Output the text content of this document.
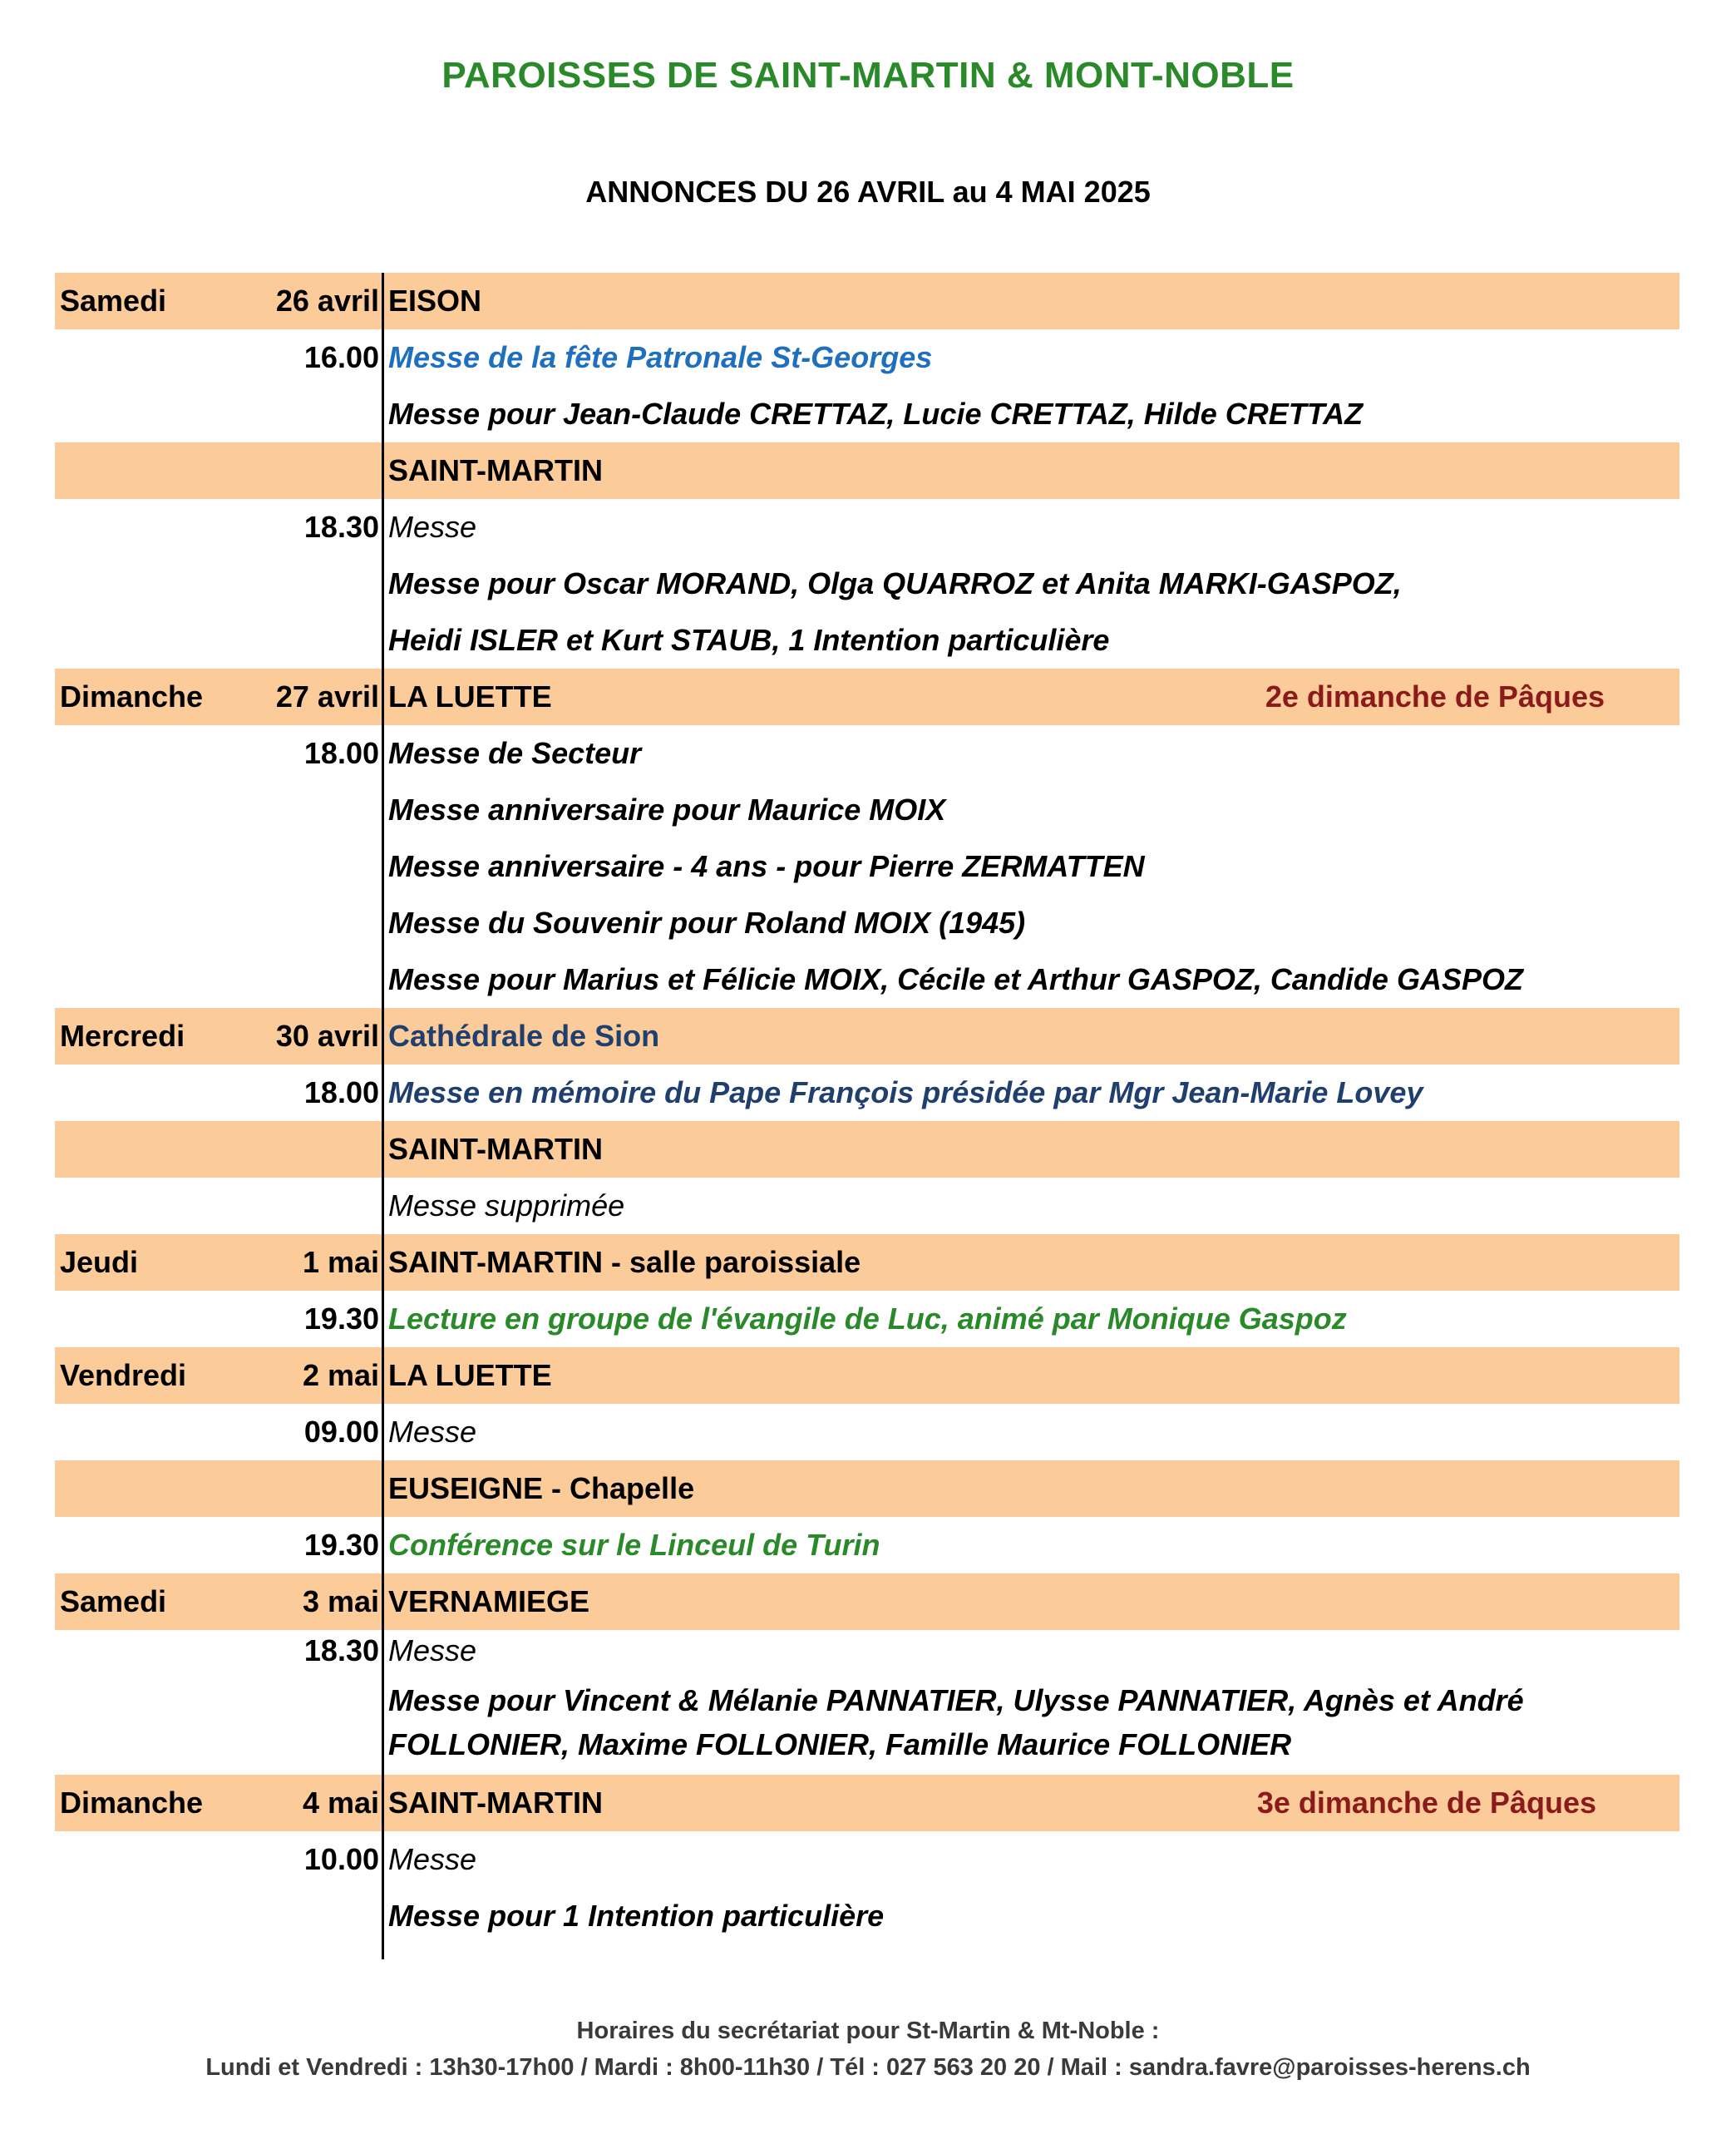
PAROISSES DE SAINT-MARTIN & MONT-NOBLE
ANNONCES DU 26 AVRIL au 4 MAI 2025
Samedi	26 avril EISON
16.00 Messe de la fête Patronale St-Georges
Messe pour Jean-Claude CRETTAZ, Lucie CRETTAZ, Hilde CRETTAZ
SAINT-MARTIN
18.30 Messe
Messe pour Oscar MORAND, Olga QUARROZ et Anita MARKI-GASPOZ,
Heidi ISLER et Kurt STAUB, 1 Intention particulière
Dimanche 27 avril LA LUETTE	2e dimanche de Pâques
18.00 Messe de Secteur
Messe anniversaire pour Maurice MOIX
Messe anniversaire - 4 ans - pour Pierre ZERMATTEN
Messe du Souvenir pour Roland MOIX (1945)
Messe pour Marius et Félicie MOIX, Cécile et Arthur GASPOZ, Candide GASPOZ
Mercredi	30 avril Cathédrale de Sion
18.00 Messe en mémoire du Pape François présidée par Mgr Jean-Marie Lovey
SAINT-MARTIN
Messe supprimée
Jeudi	1 mai SAINT-MARTIN - salle paroissiale
19.30 Lecture en groupe de l'évangile de Luc, animé par Monique Gaspoz
Vendredi	2 mai LA LUETTE
09.00 Messe
EUSEIGNE - Chapelle
19.30 Conférence sur le Linceul de Turin
Samedi	3 mai VERNAMIEGE
18.30 Messe
Messe pour Vincent & Mélanie PANNATIER, Ulysse PANNATIER, Agnès et André
FOLLONIER, Maxime FOLLONIER, Famille Maurice FOLLONIER
Dimanche	4 mai SAINT-MARTIN	3e dimanche de Pâques
10.00 Messe
Messe pour 1 Intention particulière
Horaires du secrétariat pour St-Martin & Mt-Noble :
Lundi et Vendredi : 13h30-17h00 / Mardi : 8h00-11h30 / Tél : 027 563 20 20 / Mail : sandra.favre@paroisses-herens.ch
